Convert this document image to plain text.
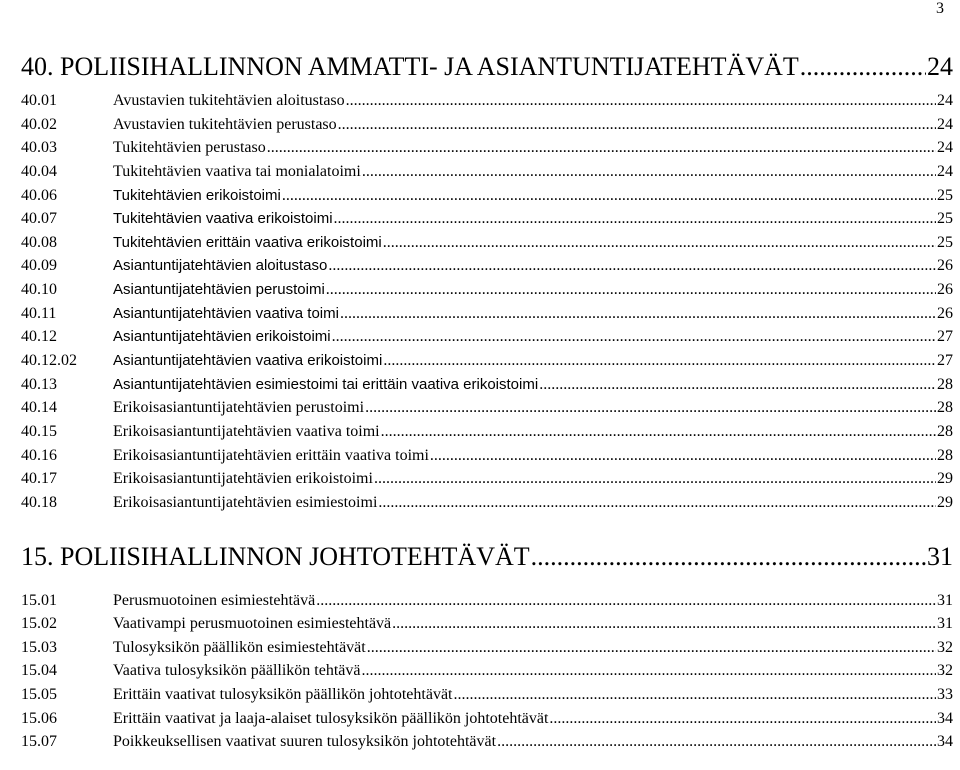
3
40. POLIISIHALLINNON AMMATTI- JA ASIANTUNTIJATEHTÄVÄT .....	24
40.01	Avustavien tukitehtävien aloitustaso .....	24
40.02	Avustavien tukitehtävien perustaso .....	24
40.03	Tukitehtävien perustaso .....	24
40.04	Tukitehtävien vaativa tai monialatoimi .....	24
40.06	Tukitehtävien erikoistoimi .....	25
40.07	Tukitehtävien vaativa erikoistoimi .....	25
40.08	Tukitehtävien erittäin vaativa erikoistoimi .....	25
40.09	Asiantuntijatehtävien aloitustaso .....	26
40.10	Asiantuntijatehtävien perustoimi .....	26
40.11	Asiantuntijatehtävien vaativa toimi .....	26
40.12	Asiantuntijatehtävien erikoistoimi .....	27
40.12.02	Asiantuntijatehtävien vaativa erikoistoimi .....	27
40.13	Asiantuntijatehtävien esimiestoimi tai erittäin vaativa erikoistoimi .....	28
40.14	Erikoisasiantuntijatehtävien perustoimi .....	28
40.15	Erikoisasiantuntijatehtävien vaativa toimi .....	28
40.16	Erikoisasiantuntijatehtävien erittäin vaativa toimi .....	28
40.17	Erikoisasiantuntijatehtävien erikoistoimi .....	29
40.18	Erikoisasiantuntijatehtävien esimiestoimi .....	29
15. POLIISIHALLINNON JOHTOTEHTÄVÄT .....	31
15.01	Perusmuotoinen esimiestehtävä .....	31
15.02	Vaativampi perusmuotoinen esimiestehtävä .....	31
15.03	Tulosyksikön päällikön esimiestehtävät .....	32
15.04	Vaativa tulosyksikön päällikön tehtävä .....	32
15.05	Erittäin vaativat tulosyksikön päällikön johtotehtävät .....	33
15.06	Erittäin vaativat ja laaja-alaiset tulosyksikön päällikön johtotehtävät .....	34
15.07	Poikkeuksellisen vaativat suuren tulosyksikön johtotehtävät .....	34
